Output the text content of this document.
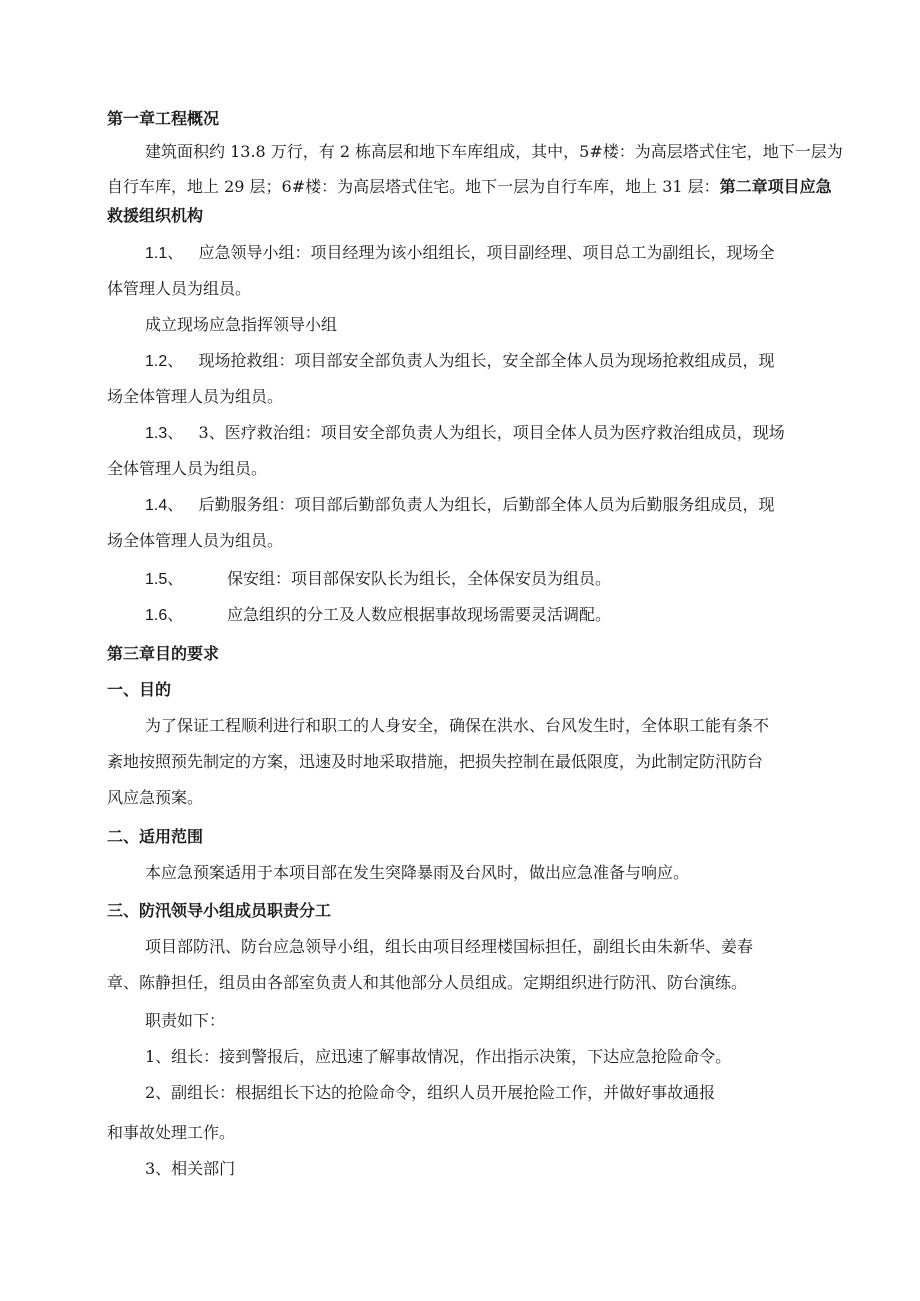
第一章工程概况

建筑面积约 13.8 万行，有 2 栋高层和地下车库组成，其中，5#楼：为高层塔式住宅，地下一层为

自行车库，地上 29 层；6#楼：为高层塔式住宅。地下一层为自行车库，地上 31 层：第二章项目应急

救援组织机构

1.1、 应急领导小组：项目经理为该小组组长，项目副经理、项目总工为副组长，现场全

体管理人员为组员。

成立现场应急指挥领导小组

1.2、 现场抢救组：项目部安全部负责人为组长，安全部全体人员为现场抢救组成员，现

场全体管理人员为组员。

1.3、 3、医疗救治组：项目安全部负责人为组长，项目全体人员为医疗救治组成员，现场

全体管理人员为组员。

1.4、 后勤服务组：项目部后勤部负责人为组长，后勤部全体人员为后勤服务组成员，现

场全体管理人员为组员。

1.5、	保安组：项目部保安队长为组长，全体保安员为组员。

1.6、	应急组织的分工及人数应根据事故现场需要灵活调配。

第三章目的要求

一、目的

为了保证工程顺利进行和职工的人身安全，确保在洪水、台风发生时，全体职工能有条不

紊地按照预先制定的方案，迅速及时地采取措施，把损失控制在最低限度，为此制定防汛防台

风应急预案。

二、适用范围

本应急预案适用于本项目部在发生突降暴雨及台风时，做出应急准备与响应。

三、防汛领导小组成员职责分工

项目部防汛、防台应急领导小组，组长由项目经理楼国标担任，副组长由朱新华、姜春

章、陈静担任，组员由各部室负责人和其他部分人员组成。定期组织进行防汛、防台演练。

职责如下：

1、组长：接到警报后，应迅速了解事故情况，作出指示决策，下达应急抢险命令。

2、副组长：根据组长下达的抢险命令，组织人员开展抢险工作，并做好事故通报

和事故处理工作。

3、相关部门
